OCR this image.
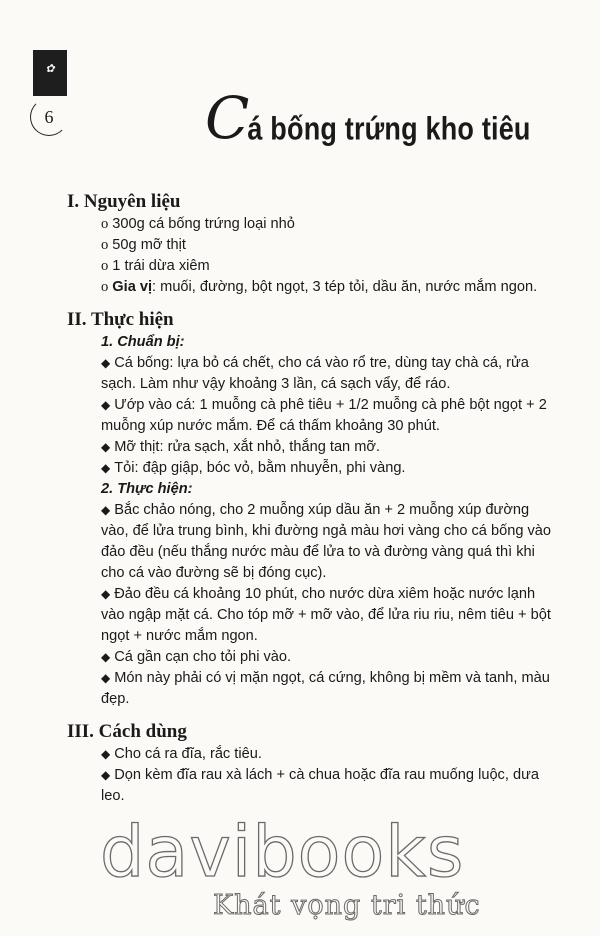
✿
6	Cá bống trứng kho tiêu

I. Nguyên liệu

o 300g cá bống trứng loại nhỏ

o 50g mỡ thịt

o 1 trái dừa xiêm

o Gia vị: muối, đường, bột ngọt, 3 tép tỏi, dầu ăn, nước mắm ngon.

II. Thực hiện

1. Chuẩn bị:

◆ Cá bống: lựa bỏ cá chết, cho cá vào rổ tre, dùng tay chà cá, rửa sạch. Làm như vậy khoảng 3 lần, cá sạch vẩy, để ráo.

◆ Ướp vào cá: 1 muỗng cà phê tiêu + 1/2 muỗng cà phê bột ngọt + 2 muỗng xúp nước mắm. Để cá thấm khoảng 30 phút.

◆ Mỡ thịt: rửa sạch, xắt nhỏ, thắng tan mỡ.

◆ Tỏi: đập giập, bóc vỏ, bằm nhuyễn, phi vàng.

2. Thực hiện:

◆ Bắc chảo nóng, cho 2 muỗng xúp dầu ăn + 2 muỗng xúp đường vào, để lửa trung bình, khi đường ngả màu hơi vàng cho cá bống vào đảo đều (nếu thắng nước màu để lửa to và đường vàng quá thì khi cho cá vào đường sẽ bị đóng cục).

◆ Đảo đều cá khoảng 10 phút, cho nước dừa xiêm hoặc nước lạnh vào ngập mặt cá. Cho tóp mỡ + mỡ vào, để lửa riu riu, nêm tiêu + bột ngọt + nước mắm ngon.

◆ Cá gần cạn cho tỏi phi vào.

◆ Món này phải có vị mặn ngọt, cá cứng, không bị mềm và tanh, màu đẹp.

III. Cách dùng

◆ Cho cá ra đĩa, rắc tiêu.

◆ Dọn kèm đĩa rau xà lách + cà chua hoặc đĩa rau muống luộc, dưa leo.

davibooks
Khát vọng tri thức
